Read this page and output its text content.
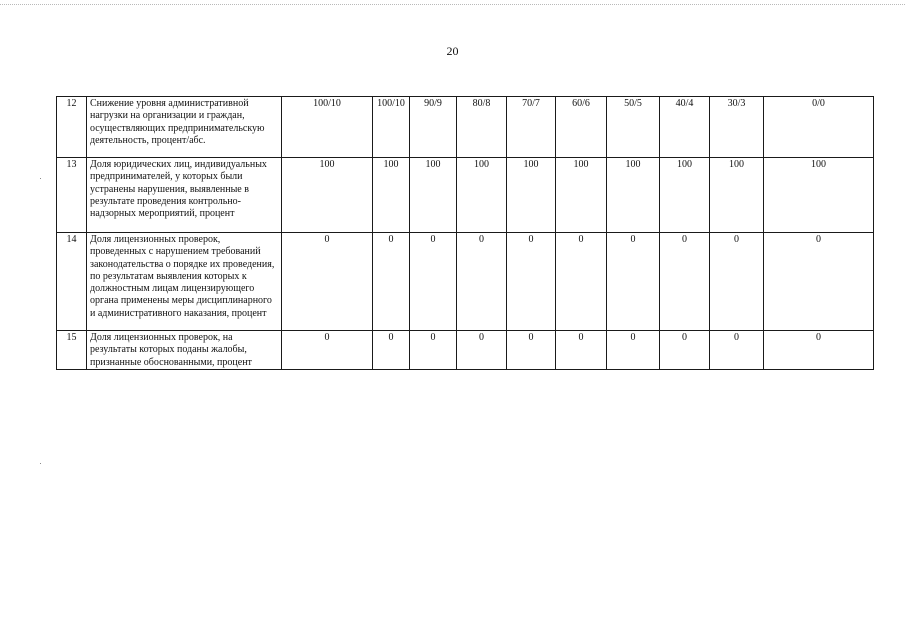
20
12	Снижение уровня административной нагрузки на организации и граждан, осуществляющих предпринимательскую деятельность, процент/абс.	100/10	100/10	90/9	80/8	70/7	60/6	50/5	40/4	30/3	0/0
13	Доля юридических лиц, индивидуальных предпринимателей, у которых были устранены нарушения, выявленные в результате проведения контрольно-надзорных мероприятий, процент	100	100	100	100	100	100	100	100	100	100
14	Доля лицензионных проверок, проведенных с нарушением требований законодательства о порядке их проведения, по результатам выявления которых к должностным лицам лицензирующего органа применены меры дисциплинарного и административного наказания, процент	0	0	0	0	0	0	0	0	0	0
15	Доля лицензионных проверок, на результаты которых поданы жалобы, признанные обоснованными, процент	0	0	0	0	0	0	0	0	0	0
